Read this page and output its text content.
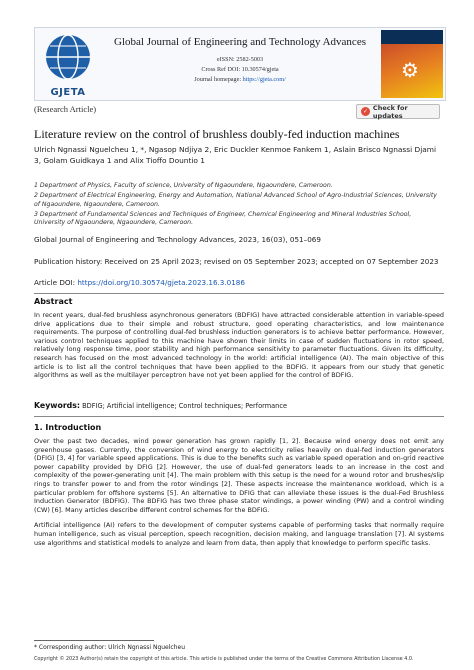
GJETA
Global Journal of Engineering and Technology Advances
eISSN: 2582-5003
Cross Ref DOI: 10.30574/gjeta
Journal homepage: https://gjeta.com/	⚙
(Research Article)	✓ Check for updates
Literature review on the control of brushless doubly-fed induction machines
Ulrich Ngnassi Nguelcheu 1, *, Ngasop Ndjiya 2, Eric Duckler Kenmoe Fankem 1, Aslain Brisco Ngnassi Djami 3, Golam Guidkaya 1 and Alix Tioffo Dountio 1

1 Department of Physics, Faculty of science, University of Ngaoundere, Ngaoundere, Cameroon.

2 Department of Electrical Engineering, Energy and Automation, National Advanced School of Agro-Industrial Sciences, University of Ngaoundere, Ngaoundere, Cameroon.

3 Department of Fundamental Sciences and Techniques of Engineer, Chemical Engineering and Mineral Industries School, University of Ngaoundere, Ngaoundere, Cameroon.

Global Journal of Engineering and Technology Advances, 2023, 16(03), 051–069
Publication history: Received on 25 April 2023; revised on 05 September 2023; accepted on 07 September 2023
Article DOI: https://doi.org/10.30574/gjeta.2023.16.3.0186
Abstract
In recent years, dual-fed brushless asynchronous generators (BDFIG) have attracted considerable attention in variable-speed drive applications due to their simple and robust structure, good operating characteristics, and low maintenance requirements. The purpose of controlling dual-fed brushless induction generators is to achieve better performance. However, various control techniques applied to this machine have shown their limits in case of sudden fluctuations in rotor speed, relatively long response time, poor stability and high performance sensitivity to parameter fluctuations. Given its difficulty, research has focused on the most advanced technology in the world: artificial intelligence (AI). The main objective of this article is to list all the control techniques that have been applied to the BDFIG. It appears from our study that genetic algorithms as well as the multilayer perceptron have not yet been applied for the control of BDFIG.
Keywords: BDFIG; Artificial intelligence; Control techniques; Performance
1. Introduction

Over the past two decades, wind power generation has grown rapidly [1, 2]. Because wind energy does not emit any greenhouse gases. Currently, the conversion of wind energy to electricity relies heavily on dual-fed induction generators (DFIG) [3, 4] for variable speed applications. This is due to the benefits such as variable speed operation and on-grid reactive power capability provided by DFIG [2]. However, the use of dual-fed generators leads to an increase in the cost and complexity of the power-generating unit [4]. The main problem with this setup is the need for a wound rotor and brushes/slip rings to transfer power to and from the rotor windings [2]. These aspects increase the maintenance workload, which is a particular problem for offshore systems [5]. An alternative to DFIG that can alleviate these issues is the dual-Fed Brushless Induction Generator (BDFIG). The BDFIG has two three phase stator windings, a power winding (PW) and a control winding (CW) [6]. Many articles describe different control schemes for the BDFIG.

Artificial intelligence (AI) refers to the development of computer systems capable of performing tasks that normally require human intelligence, such as visual perception, speech recognition, decision making, and language translation [7]. AI systems use algorithms and statistical models to analyze and learn from data, then apply that knowledge to perform specific tasks.

* Corresponding author: Ulrich Ngnassi Nguelcheu
Copyright © 2023 Author(s) retain the copyright of this article. This article is published under the terms of the Creative Commons Attribution Liscense 4.0.
